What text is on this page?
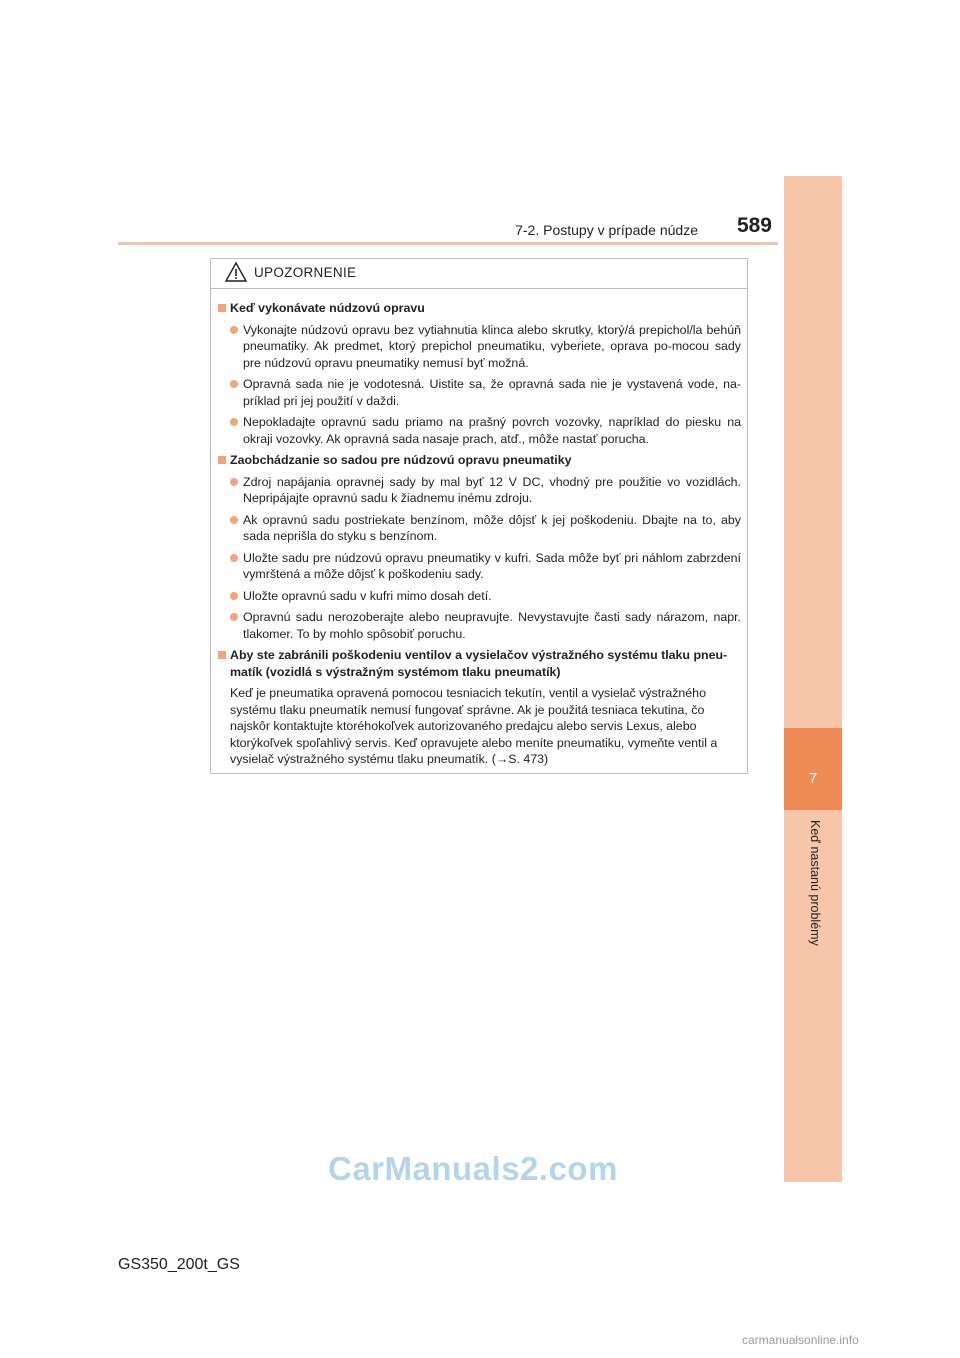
7-2. Postupy v prípade núdze	589
7
Keď nastanú problémy
UPOZORNENIE
Keď vykonávate núdzovú opravu
Vykonajte núdzovú opravu bez vytiahnutia klinca alebo skrutky, ktorý/á prepichol/la behúň pneumatiky. Ak predmet, ktorý prepichol pneumatiku, vyberiete, oprava po-mocou sady pre núdzovú opravu pneumatiky nemusí byť možná.
Opravná sada nie je vodotesná. Uistite sa, že opravná sada nie je vystavená vode, na-príklad pri jej použití v daždi.
Nepokladajte opravnú sadu priamo na prašný povrch vozovky, napríklad do piesku na okraji vozovky. Ak opravná sada nasaje prach, atď., môže nastať porucha.
Zaobchádzanie so sadou pre núdzovú opravu pneumatiky
Zdroj napájania opravnej sady by mal byť 12 V DC, vhodný pre použitie vo vozidlách. Nepripájajte opravnú sadu k žiadnemu inému zdroju.
Ak opravnú sadu postriekate benzínom, môže dôjsť k jej poškodeniu. Dbajte na to, aby sada neprišla do styku s benzínom.
Uložte sadu pre núdzovú opravu pneumatiky v kufri. Sada môže byť pri náhlom zabrzdení vymrštená a môže dôjsť k poškodeniu sady.
Uložte opravnú sadu v kufri mimo dosah detí.
Opravnú sadu nerozoberajte alebo neupravujte. Nevystavujte časti sady nárazom, napr. tlakomer. To by mohlo spôsobiť poruchu.
Aby ste zabránili poškodeniu ventilov a vysielačov výstražného systému tlaku pneu-matík (vozidlá s výstražným systémom tlaku pneumatík)

Keď je pneumatika opravená pomocou tesniacich tekutín, ventil a vysielač výstražného systému tlaku pneumatík nemusí fungovať správne. Ak je použitá tesniaca tekutina, čo najskôr kontaktujte ktoréhokoľvek autorizovaného predajcu alebo servis Lexus, alebo ktorýkoľvek spoľahlivý servis. Keď opravujete alebo meníte pneumatiku, vymeňte ventil a vysielač výstražného systému tlaku pneumatík. (→S. 473)

CarManuals2.com
GS350_200t_GS
carmanualsonline.info
